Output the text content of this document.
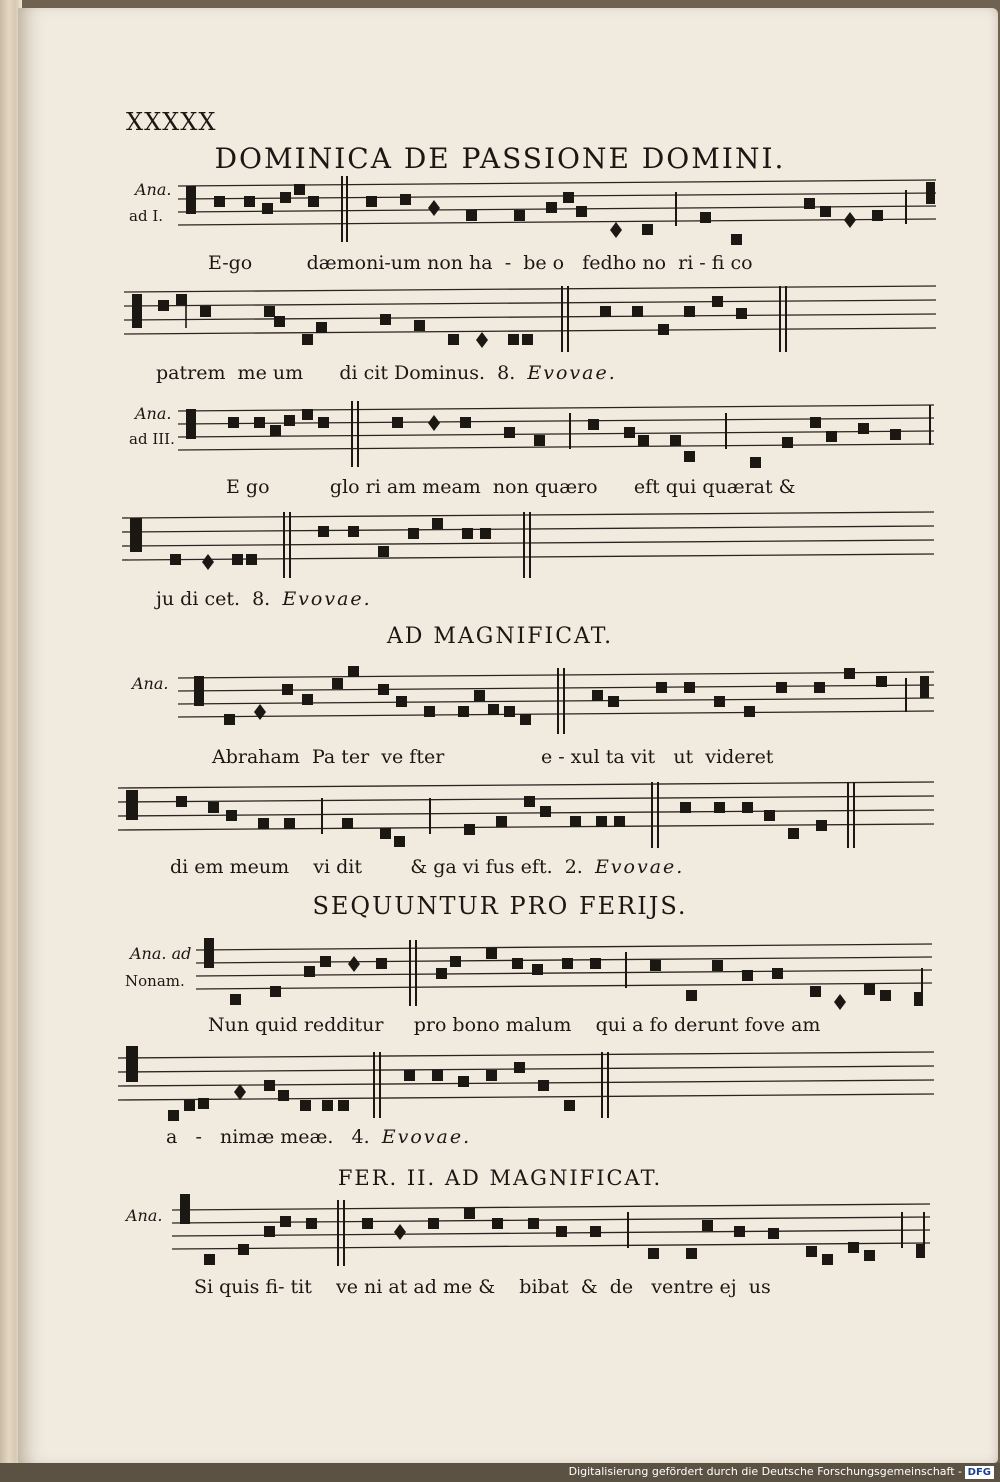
XXXXX
DOMINICA DE PASSIONE DOMINI.
Ana.
ad I.
E-go         dæmoni-um non ha  -  be o   fedho no  ri - fi co
patrem  me um      di cit Dominus.  8. Evovae.
Ana.
ad III.
E go          glo ri am meam  non quæro      eft qui quærat &
ju di cet.  8. Evovae.
AD MAGNIFICAT.
Ana.
Abraham  Pa ter  ve fter                e - xul ta vit   ut  videret
di em meum    vi dit        & ga vi fus eft.  2. Evovae.
SEQUUNTUR PRO FERIJS.
Ana. ad
Nonam.
Nun quid redditur     pro bono malum    qui a fo derunt fove am
a   -   nimæ meæ.   4. Evovae.
FER. II. AD MAGNIFICAT.
Ana.
Si quis fi- tit    ve ni at ad me &    bibat  &  de   ventre ej  us
Digitalisierung gefördert durch die Deutsche Forschungsgemeinschaft - DFG
